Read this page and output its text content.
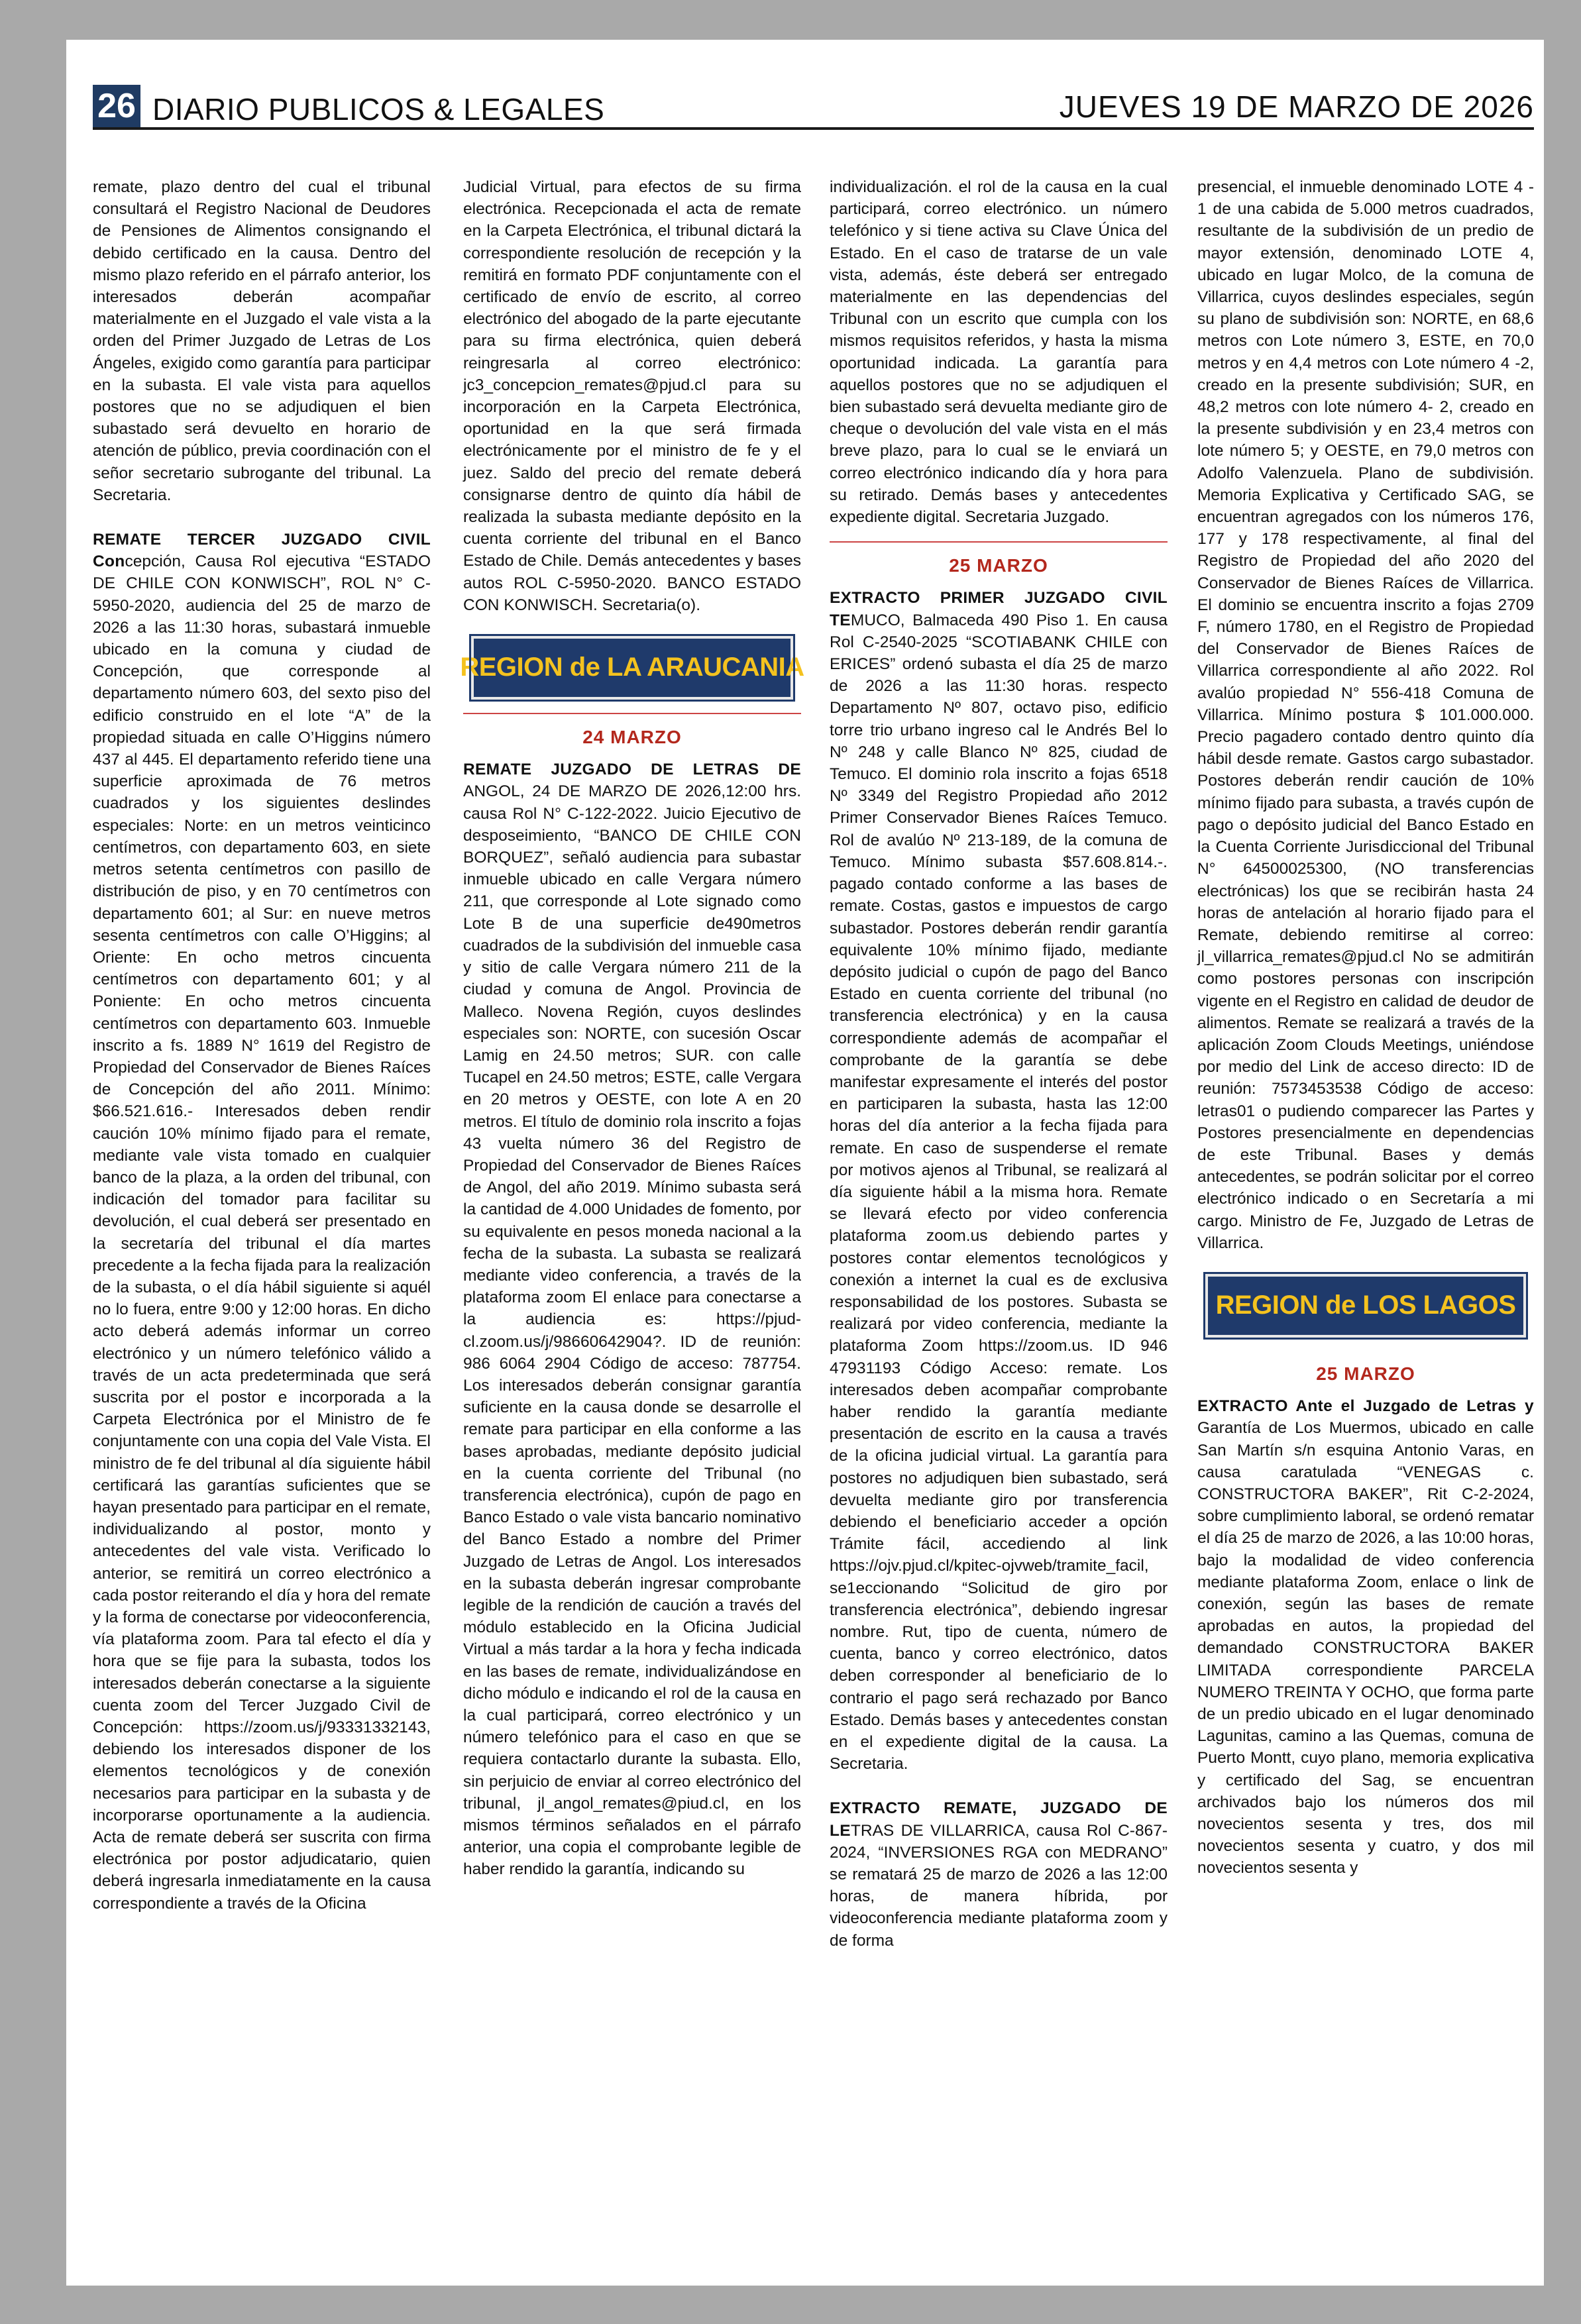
26 DIARIO PUBLICOS & LEGALES	JUEVES 19 DE MARZO DE 2026

remate, plazo dentro del cual el tribunal consultará el Registro Nacional de Deudores de Pensiones de Alimentos consignando el debido certificado en la causa. Dentro del mismo plazo referido en el párrafo anterior, los interesados deberán acompañar materialmente en el Juzgado el vale vista a la orden del Primer Juzgado de Letras de Los Ángeles, exigido como garantía para participar en la subasta. El vale vista para aquellos postores que no se adjudiquen el bien subastado será devuelto en horario de atención de público, previa coordinación con el señor secretario subrogante del tribunal. La Secretaria.

REMATE TERCER JUZGADO CIVIL Concepción, Causa Rol ejecutiva “ESTADO DE CHILE CON KONWISCH”, ROL N° C-5950-2020, audiencia del 25 de marzo de 2026 a las 11:30 horas, subastará inmueble ubicado en la comuna y ciudad de Concepción, que corresponde al departamento número 603, del sexto piso del edificio construido en el lote “A” de la propiedad situada en calle O’Higgins número 437 al 445. El departamento referido tiene una superficie aproximada de 76 metros cuadrados y los siguientes deslindes especiales: Norte: en un metros veinticinco centímetros, con departamento 603, en siete metros setenta centímetros con pasillo de distribución de piso, y en 70 centímetros con departamento 601; al Sur: en nueve metros sesenta centímetros con calle O’Higgins; al Oriente: En ocho metros cincuenta centímetros con departamento 601; y al Poniente: En ocho metros cincuenta centímetros con departamento 603. Inmueble inscrito a fs. 1889 N° 1619 del Registro de Propiedad del Conservador de Bienes Raíces de Concepción del año 2011. Mínimo: $66.521.616.- Interesados deben rendir caución 10% mínimo fijado para el remate, mediante vale vista tomado en cualquier banco de la plaza, a la orden del tribunal, con indicación del tomador para facilitar su devolución, el cual deberá ser presentado en la secretaría del tribunal el día martes precedente a la fecha fijada para la realización de la subasta, o el día hábil siguiente si aquél no lo fuera, entre 9:00 y 12:00 horas. En dicho acto deberá además informar un correo electrónico y un número telefónico válido a través de un acta predeterminada que será suscrita por el postor e incorporada a la Carpeta Electrónica por el Ministro de fe conjuntamente con una copia del Vale Vista. El ministro de fe del tribunal al día siguiente hábil certificará las garantías suficientes que se hayan presentado para participar en el remate, individualizando al postor, monto y antecedentes del vale vista. Verificado lo anterior, se remitirá un correo electrónico a cada postor reiterando el día y hora del remate y la forma de conectarse por videoconferencia, vía plataforma zoom. Para tal efecto el día y hora que se fije para la subasta, todos los interesados deberán conectarse a la siguiente cuenta zoom del Tercer Juzgado Civil de Concepción: https://zoom.us/j/93331332143, debiendo los interesados disponer de los elementos tecnológicos y de conexión necesarios para participar en la subasta y de incorporarse oportunamente a la audiencia. Acta de remate deberá ser suscrita con firma electrónica por postor adjudicatario, quien deberá ingresarla inmediatamente en la causa correspondiente a través de la Oficina

Judicial Virtual, para efectos de su firma electrónica. Recepcionada el acta de remate en la Carpeta Electrónica, el tribunal dictará la correspondiente resolución de recepción y la remitirá en formato PDF conjuntamente con el certificado de envío de escrito, al correo electrónico del abogado de la parte ejecutante para su firma electrónica, quien deberá reingresarla al correo electrónico: jc3_concepcion_remates@pjud.cl para su incorporación en la Carpeta Electrónica, oportunidad en la que será firmada electrónicamente por el ministro de fe y el juez. Saldo del precio del remate deberá consignarse dentro de quinto día hábil de realizada la subasta mediante depósito en la cuenta corriente del tribunal en el Banco Estado de Chile. Demás antecedentes y bases autos ROL C-5950-2020. BANCO ESTADO CON KONWISCH. Secretaria(o).

REGION de LA ARAUCANIA
24 MARZO

REMATE JUZGADO DE LETRAS DE ANGOL, 24 DE MARZO DE 2026,12:00 hrs. causa Rol N° C-122-2022. Juicio Ejecutivo de desposeimiento, “BANCO DE CHILE CON BORQUEZ”, señaló audiencia para subastar inmueble ubicado en calle Vergara número 211, que corresponde al Lote signado como Lote B de una superficie de490metros cuadrados de la subdivisión del inmueble casa y sitio de calle Vergara número 211 de la ciudad y comuna de Angol. Provincia de Malleco. Novena Región, cuyos deslindes especiales son: NORTE, con sucesión Oscar Lamig en 24.50 metros; SUR. con calle Tucapel en 24.50 metros; ESTE, calle Vergara en 20 metros y OESTE, con lote A en 20 metros. El título de dominio rola inscrito a fojas 43 vuelta número 36 del Registro de Propiedad del Conservador de Bienes Raíces de Angol, del año 2019. Mínimo subasta será la cantidad de 4.000 Unidades de fomento, por su equivalente en pesos moneda nacional a la fecha de la subasta. La subasta se realizará mediante video conferencia, a través de la plataforma zoom El enlace para conectarse a la audiencia es: https://pjud-cl.zoom.us/j/98660642904?. ID de reunión: 986 6064 2904 Código de acceso: 787754. Los interesados deberán consignar garantía suficiente en la causa donde se desarrolle el remate para participar en ella conforme a las bases aprobadas, mediante depósito judicial en la cuenta corriente del Tribunal (no transferencia electrónica), cupón de pago en Banco Estado o vale vista bancario nominativo del Banco Estado a nombre del Primer Juzgado de Letras de Angol. Los interesados en la subasta deberán ingresar comprobante legible de la rendición de caución a través del módulo establecido en la Oficina Judicial Virtual a más tardar a la hora y fecha indicada en las bases de remate, individualizándose en dicho módulo e indicando el rol de la causa en la cual participará, correo electrónico y un número telefónico para el caso en que se requiera contactarlo durante la subasta. Ello, sin perjuicio de enviar al correo electrónico del tribunal, jl_angol_remates@piud.cl, en los mismos términos señalados en el párrafo anterior, una copia el comprobante legible de haber rendido la garantía, indicando su

individualización. el rol de la causa en la cual participará, correo electrónico. un número telefónico y si tiene activa su Clave Única del Estado. En el caso de tratarse de un vale vista, además, éste deberá ser entregado materialmente en las dependencias del Tribunal con un escrito que cumpla con los mismos requisitos referidos, y hasta la misma oportunidad indicada. La garantía para aquellos postores que no se adjudiquen el bien subastado será devuelta mediante giro de cheque o devolución del vale vista en el más breve plazo, para lo cual se le enviará un correo electrónico indicando día y hora para su retirado. Demás bases y antecedentes expediente digital. Secretaria Juzgado.

25 MARZO

EXTRACTO PRIMER JUZGADO CIVIL TEMUCO, Balmaceda 490 Piso 1. En causa Rol C-2540-2025 “SCOTIABANK CHILE con ERICES” ordenó subasta el día 25 de marzo de 2026 a las 11:30 horas. respecto Departamento Nº 807, octavo piso, edificio torre trio urbano ingreso cal le Andrés Bel lo Nº 248 y calle Blanco Nº 825, ciudad de Temuco. El dominio rola inscrito a fojas 6518 Nº 3349 del Registro Propiedad año 2012 Primer Conservador Bienes Raíces Temuco. Rol de avalúo Nº 213-189, de la comuna de Temuco. Mínimo subasta $57.608.814.-. pagado contado conforme a las bases de remate. Costas, gastos e impuestos de cargo subastador. Postores deberán rendir garantía equivalente 10% mínimo fijado, mediante depósito judicial o cupón de pago del Banco Estado en cuenta corriente del tribunal (no transferencia electrónica) y en la causa correspondiente además de acompañar el comprobante de la garantía se debe manifestar expresamente el interés del postor en participaren la subasta, hasta las 12:00 horas del día anterior a la fecha fijada para remate. En caso de suspenderse el remate por motivos ajenos al Tribunal, se realizará al día siguiente hábil a la misma hora. Remate se llevará efecto por video conferencia plataforma zoom.us debiendo partes y postores contar elementos tecnológicos y conexión a internet la cual es de exclusiva responsabilidad de los postores. Subasta se realizará por video conferencia, mediante la plataforma Zoom https://zoom.us. ID 946 47931193 Código Acceso: remate. Los interesados deben acompañar comprobante haber rendido la garantía mediante presentación de escrito en la causa a través de la oficina judicial virtual. La garantía para postores no adjudiquen bien subastado, será devuelta mediante giro por transferencia debiendo el beneficiario acceder a opción Trámite fácil, accediendo al link https://ojv.pjud.cl/kpitec-ojvweb/tramite_facil, se1eccionando “Solicitud de giro por transferencia electrónica”, debiendo ingresar nombre. Rut, tipo de cuenta, número de cuenta, banco y correo electrónico, datos deben corresponder al beneficiario de lo contrario el pago será rechazado por Banco Estado. Demás bases y antecedentes constan en el expediente digital de la causa. La Secretaria.

EXTRACTO REMATE, JUZGADO DE LETRAS DE VILLARRICA, causa Rol C-867-2024, “INVERSIONES RGA con MEDRANO” se rematará 25 de marzo de 2026 a las 12:00 horas, de manera híbrida, por videoconferencia mediante plataforma zoom y de forma

presencial, el inmueble denominado LOTE 4 - 1 de una cabida de 5.000 metros cuadrados, resultante de la subdivisión de un predio de mayor extensión, denominado LOTE 4, ubicado en lugar Molco, de la comuna de Villarrica, cuyos deslindes especiales, según su plano de subdivisión son: NORTE, en 68,6 metros con Lote número 3, ESTE, en 70,0 metros y en 4,4 metros con Lote número 4 -2, creado en la presente subdivisión; SUR, en 48,2 metros con lote número 4- 2, creado en la presente subdivisión y en 23,4 metros con lote número 5; y OESTE, en 79,0 metros con Adolfo Valenzuela. Plano de subdivisión. Memoria Explicativa y Certificado SAG, se encuentran agregados con los números 176, 177 y 178 respectivamente, al final del Registro de Propiedad del año 2020 del Conservador de Bienes Raíces de Villarrica. El dominio se encuentra inscrito a fojas 2709 F, número 1780, en el Registro de Propiedad del Conservador de Bienes Raíces de Villarrica correspondiente al año 2022. Rol avalúo propiedad N° 556-418 Comuna de Villarrica. Mínimo postura $ 101.000.000. Precio pagadero contado dentro quinto día hábil desde remate. Gastos cargo subastador. Postores deberán rendir caución de 10% mínimo fijado para subasta, a través cupón de pago o depósito judicial del Banco Estado en la Cuenta Corriente Jurisdiccional del Tribunal N° 64500025300, (NO transferencias electrónicas) los que se recibirán hasta 24 horas de antelación al horario fijado para el Remate, debiendo remitirse al correo: jl_villarrica_remates@pjud.cl No se admitirán como postores personas con inscripción vigente en el Registro en calidad de deudor de alimentos. Remate se realizará a través de la aplicación Zoom Clouds Meetings, uniéndose por medio del Link de acceso directo: ID de reunión: 7573453538 Código de acceso: letras01 o pudiendo comparecer las Partes y Postores presencialmente en dependencias de este Tribunal. Bases y demás antecedentes, se podrán solicitar por el correo electrónico indicado o en Secretaría a mi cargo. Ministro de Fe, Juzgado de Letras de Villarrica.

REGION de LOS LAGOS
25 MARZO

EXTRACTO Ante el Juzgado de Letras y Garantía de Los Muermos, ubicado en calle San Martín s/n esquina Antonio Varas, en causa caratulada “VENEGAS c. CONSTRUCTORA BAKER”, Rit C-2-2024, sobre cumplimiento laboral, se ordenó rematar el día 25 de marzo de 2026, a las 10:00 horas, bajo la modalidad de video conferencia mediante plataforma Zoom, enlace o link de conexión, según las bases de remate aprobadas en autos, la propiedad del demandado CONSTRUCTORA BAKER LIMITADA correspondiente PARCELA NUMERO TREINTA Y OCHO, que forma parte de un predio ubicado en el lugar denominado Lagunitas, camino a las Quemas, comuna de Puerto Montt, cuyo plano, memoria explicativa y certificado del Sag, se encuentran archivados bajo los números dos mil novecientos sesenta y tres, dos mil novecientos sesenta y cuatro, y dos mil novecientos sesenta y
